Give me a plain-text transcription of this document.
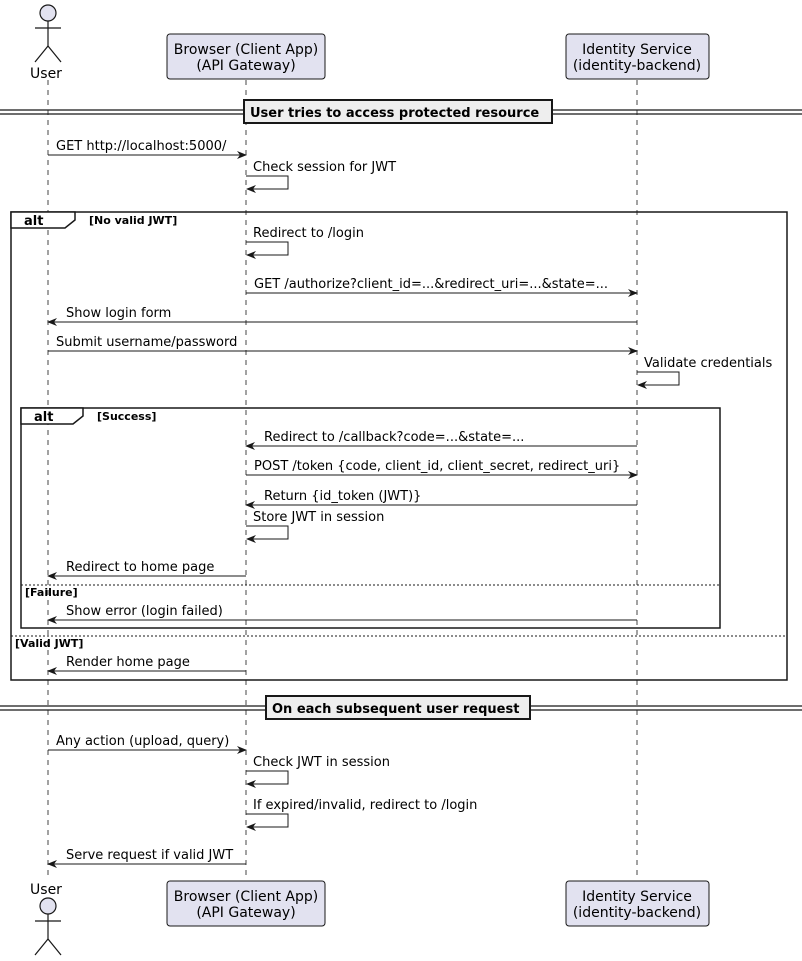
alt	[No valid JWT]
[Valid JWT]
alt	[Success]
[Failure]
User tries to access protected resource
On each subsequent user request
GET http://localhost:5000/
Check session for JWT
Redirect to /login
GET /authorize?client_id=...&redirect_uri=...&state=...
Show login form
Submit username/password
Validate credentials
Redirect to /callback?code=...&state=...
POST /token {code, client_id, client_secret, redirect_uri}
Return {id_token (JWT)}
Store JWT in session
Redirect to home page
Show error (login failed)
Render home page
Any action (upload, query)
Check JWT in session
If expired/invalid, redirect to /login
Serve request if valid JWT
User
User
Browser (Client App)
(API Gateway)
Browser (Client App)
(API Gateway)
Identity Service
(identity-backend)
Identity Service
(identity-backend)
